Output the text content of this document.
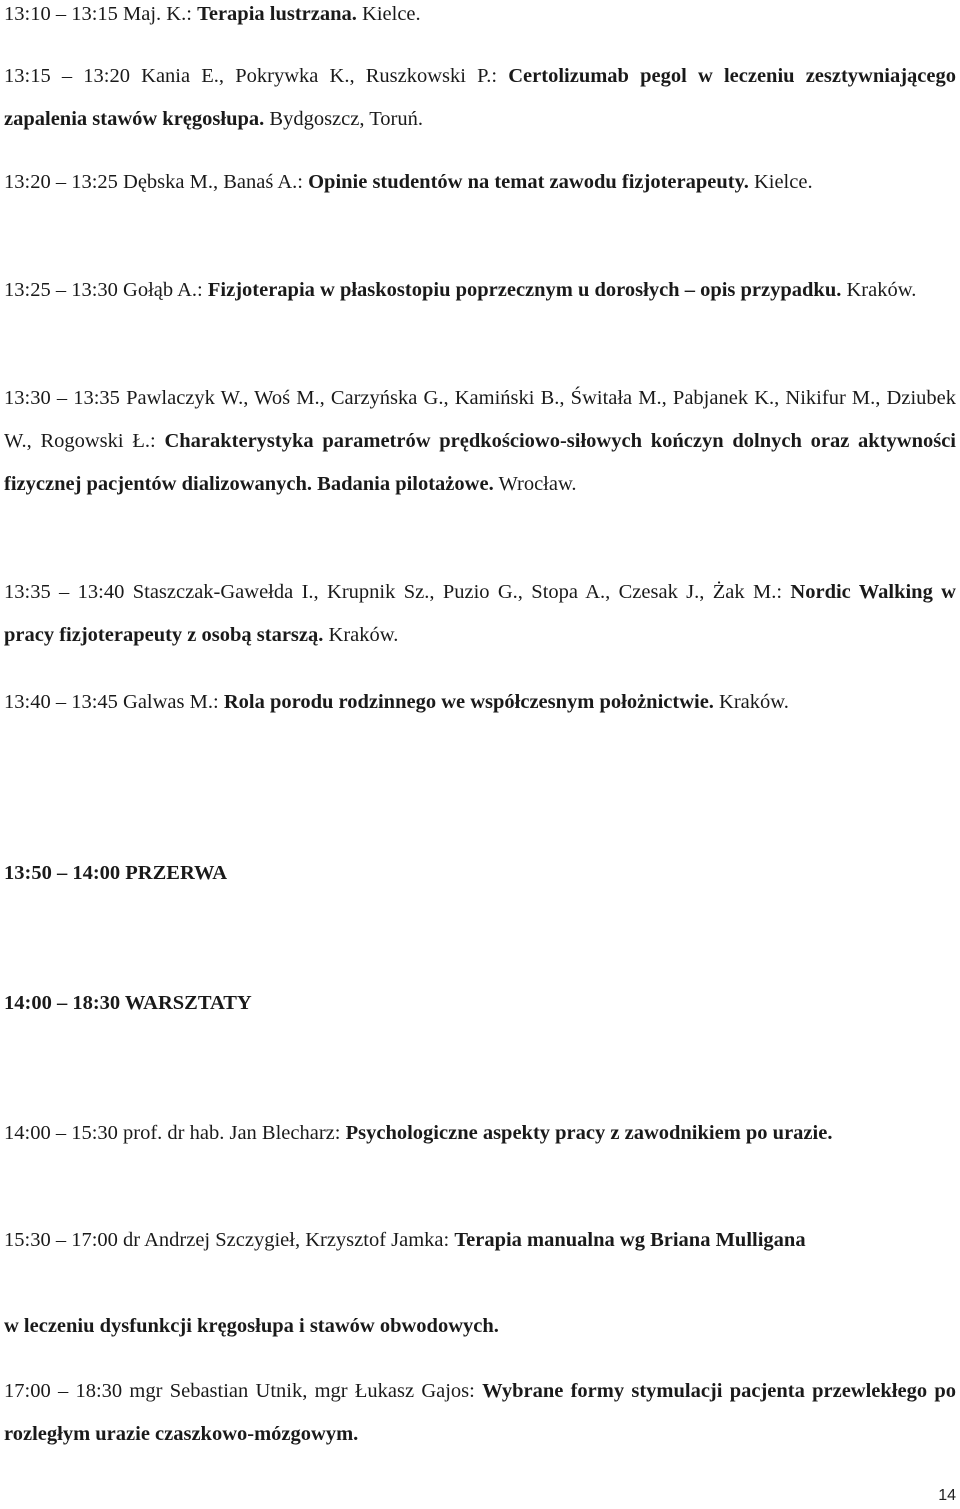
13:10 – 13:15 Maj. K.: Terapia lustrzana. Kielce.
13:15 – 13:20 Kania E., Pokrywka K., Ruszkowski P.: Certolizumab pegol w leczeniu zesztywniającego zapalenia stawów kręgosłupa. Bydgoszcz, Toruń.
13:20 – 13:25 Dębska M., Banaś A.: Opinie studentów na temat zawodu fizjoterapeuty. Kielce.
13:25 – 13:30 Gołąb A.: Fizjoterapia w płaskostopiu poprzecznym u dorosłych – opis przypadku. Kraków.
13:30 – 13:35 Pawlaczyk W., Woś M., Carzyńska G., Kamiński B., Świtała M., Pabjanek K., Nikifur M., Dziubek W., Rogowski Ł.: Charakterystyka parametrów prędkościowo-siłowych kończyn dolnych oraz aktywności fizycznej pacjentów dializowanych. Badania pilotażowe. Wrocław.
13:35 – 13:40 Staszczak-Gawełda I., Krupnik Sz., Puzio G., Stopa A., Czesak J., Żak M.: Nordic Walking w pracy fizjoterapeuty z osobą starszą. Kraków.
13:40 – 13:45 Galwas M.: Rola porodu rodzinnego we współczesnym położnictwie. Kraków.
13:50 – 14:00 PRZERWA
14:00 – 18:30 WARSZTATY
14:00 – 15:30 prof. dr hab. Jan Blecharz: Psychologiczne aspekty pracy z zawodnikiem po urazie.
15:30 – 17:00 dr Andrzej Szczygieł, Krzysztof Jamka: Terapia manualna wg Briana Mulligana
w leczeniu dysfunkcji kręgosłupa i stawów obwodowych.
17:00 – 18:30 mgr Sebastian Utnik, mgr Łukasz Gajos: Wybrane formy stymulacji pacjenta przewlekłego po rozległym urazie czaszkowo-mózgowym.
14
